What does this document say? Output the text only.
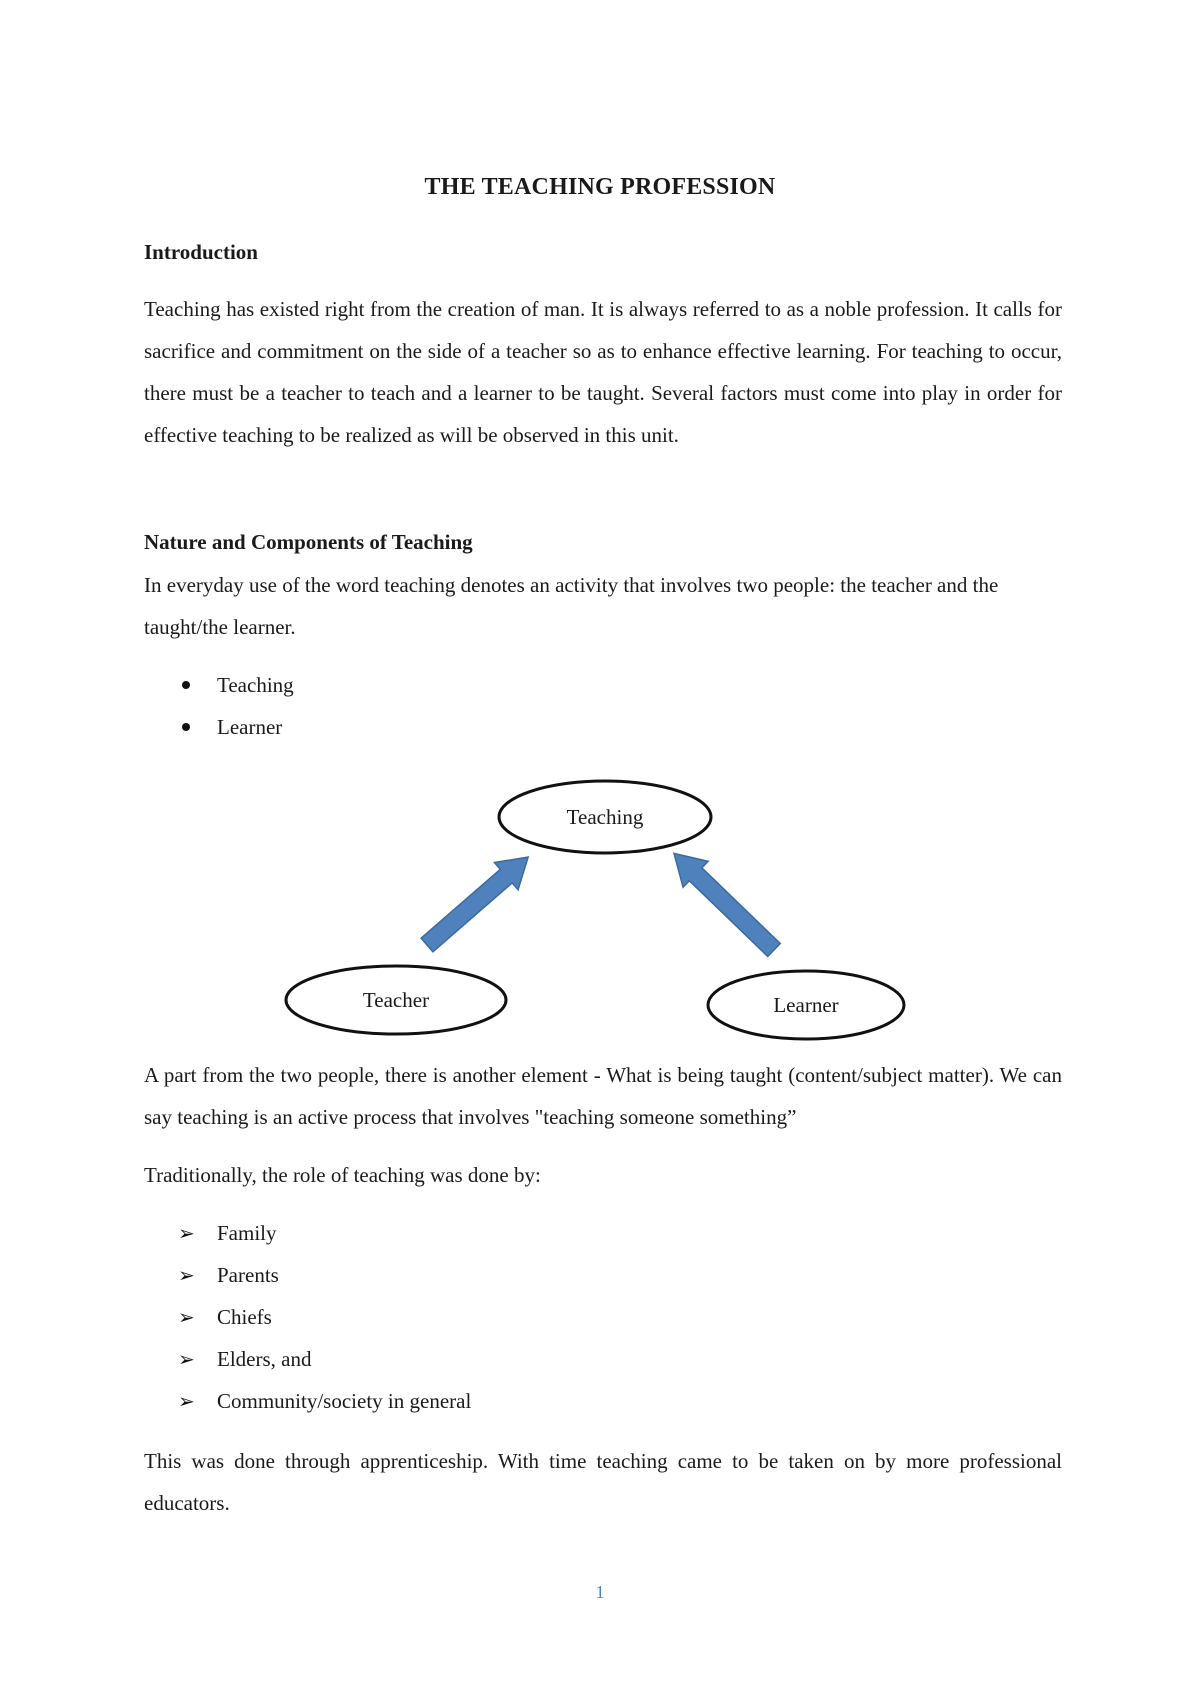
THE TEACHING PROFESSION
Introduction
Teaching has existed right from the creation of man. It is always referred to as a noble profession. It calls for sacrifice and commitment on the side of a teacher so as to enhance effective learning. For teaching to occur, there must be a teacher to teach and a learner to be taught. Several factors must come into play in order for effective teaching to be realized as will be observed in this unit.
Nature and Components of Teaching
In everyday use of the word teaching denotes an activity that involves two people: the teacher and the taught/the learner.
Teaching
Learner
Teaching
Teacher	Learner
A part from the two people, there is another element - What is being taught (content/subject matter). We can say teaching is an active process that involves "teaching someone something”
Traditionally, the role of teaching was done by:
➢ Family
➢ Parents
➢ Chiefs
➢ Elders, and
➢ Community/society in general
This was done through apprenticeship. With time teaching came to be taken on by more professional educators.
1
